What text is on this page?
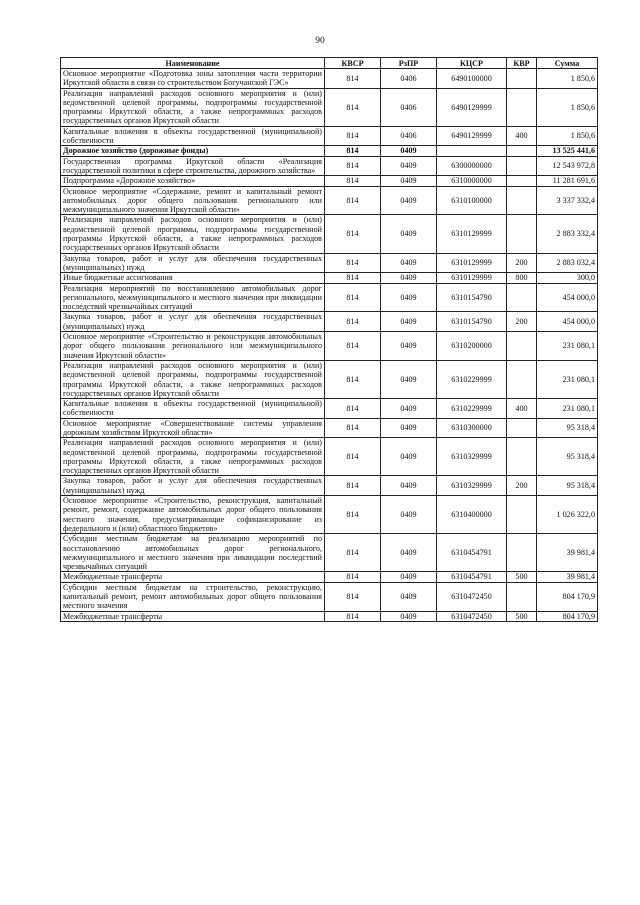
90
Наименование	КВСР	РзПР	КЦСР	КВР	Сумма
Основное мероприятие «Подготовка зоны затопления части территории Иркутской области в связи со строительством Богучанской ГЭС»	814	0406	6490100000		1 850,6
Реализация направлений расходов основного мероприятия и (или) ведомственной целевой программы, подпрограммы государственной программы Иркутской области, а также непрограммных расходов государственных органов Иркутской области	814	0406	6490129999		1 850,6
Капитальные вложения в объекты государственной (муниципальной) собственности	814	0406	6490129999	400	1 850,6
Дорожное хозяйство (дорожные фонды)	814	0409			13 525 441,6
Государственная программа Иркутской области «Реализация государственной политики в сфере строительства, дорожного хозяйства»	814	0409	6300000000		12 543 972,8
Подпрограмма «Дорожное хозяйство»	814	0409	6310000000		11 281 691,6
Основное мероприятие «Содержание, ремонт и капитальный ремонт автомобильных дорог общего пользования регионального или межмуниципального значения Иркутской области»	814	0409	6310100000		3 337 332,4
Реализация направлений расходов основного мероприятия и (или) ведомственной целевой программы, подпрограммы государственной программы Иркутской области, а также непрограммных расходов государственных органов Иркутской области	814	0409	6310129999		2 883 332,4
Закупка товаров, работ и услуг для обеспечения государственных (муниципальных) нужд	814	0409	6310129999	200	2 883 032,4
Иные бюджетные ассигнования	814	0409	6310129999	800	300,0
Реализация мероприятий по восстановлению автомобильных дорог регионального, межмуниципального и местного значения при ликвидации последствий чрезвычайных ситуаций	814	0409	6310154790		454 000,0
Закупка товаров, работ и услуг для обеспечения государственных (муниципальных) нужд	814	0409	6310154790	200	454 000,0
Основное мероприятие «Строительство и реконструкция автомобильных дорог общего пользования регионального или межмуниципального значения Иркутской области»	814	0409	6310200000		231 080,1
Реализация направлений расходов основного мероприятия и (или) ведомственной целевой программы, подпрограммы государственной программы Иркутской области, а также непрограммных расходов государственных органов Иркутской области	814	0409	6310229999		231 080,1
Капитальные вложения в объекты государственной (муниципальной) собственности	814	0409	6310229999	400	231 080,1
Основное мероприятие «Совершенствование системы управления дорожным хозяйством Иркутской области»	814	0409	6310300000		95 318,4
Реализация направлений расходов основного мероприятия и (или) ведомственной целевой программы, подпрограммы государственной программы Иркутской области, а также непрограммных расходов государственных органов Иркутской области	814	0409	6310329999		95 318,4
Закупка товаров, работ и услуг для обеспечения государственных (муниципальных) нужд	814	0409	6310329999	200	95 318,4
Основное мероприятие «Строительство, реконструкция, капитальный ремонт, ремонт, содержание автомобильных дорог общего пользования местного значения, предусматривающие софинансирование из федерального и (или) областного бюджетов»	814	0409	6310400000		1 026 322,0
Субсидии местным бюджетам на реализацию мероприятий по восстановлению автомобильных дорог регионального, межмуниципального и местного значения при ликвидации последствий чрезвычайных ситуаций	814	0409	6310454791		39 981,4
Межбюджетные трансферты	814	0409	6310454791	500	39 981,4
Субсидии местным бюджетам на строительство, реконструкцию, капитальный ремонт, ремонт автомобильных дорог общего пользования местного значения	814	0409	6310472450		804 170,9
Межбюджетные трансферты	814	0409	6310472450	500	804 170,9
